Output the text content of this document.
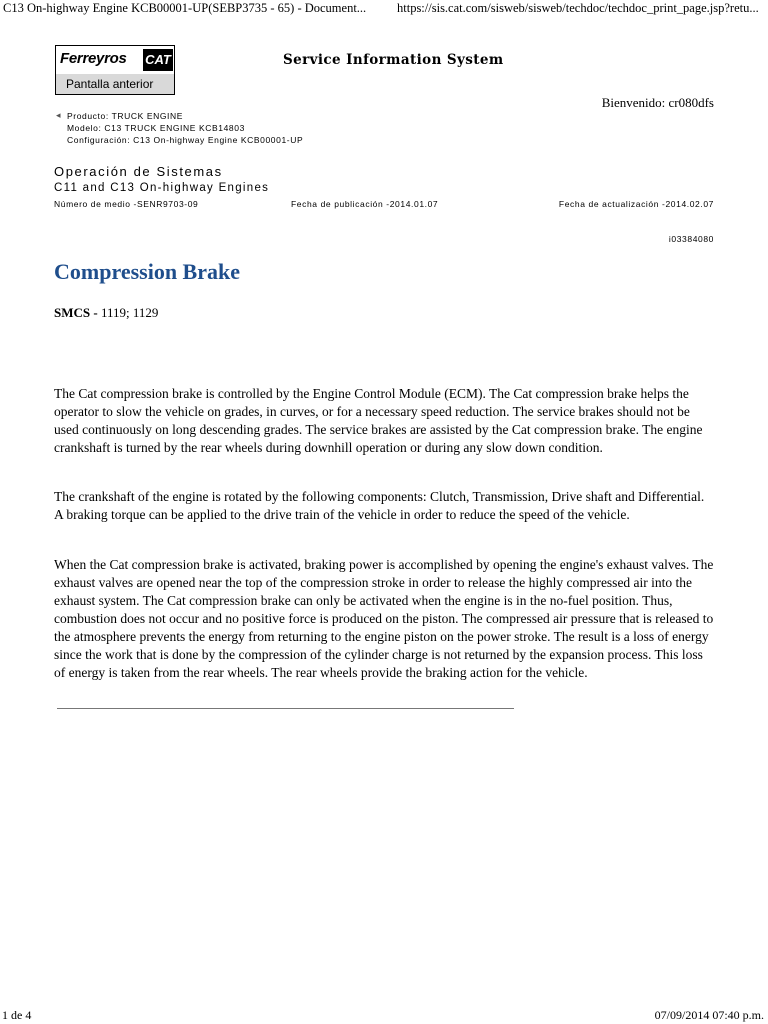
C13 On-highway Engine KCB00001-UP(SEBP3735 - 65) - Document... https://sis.cat.com/sisweb/sisweb/techdoc/techdoc_print_page.jsp?retu...
Ferreyros CAT
Pantalla anterior
Service Information System
Bienvenido: cr080dfs
◂ Producto: TRUCK ENGINE
Modelo: C13 TRUCK ENGINE KCB14803
Configuración: C13 On-highway Engine KCB00001-UP
Operación de Sistemas
C11 and C13 On-highway Engines
Número de medio -SENR9703-09	Fecha de publicación -2014.01.07	Fecha de actualización -2014.02.07
i03384080
Compression Brake
SMCS - 1119; 1129
The Cat compression brake is controlled by the Engine Control Module (ECM). The Cat compression brake helps the operator to slow the vehicle on grades, in curves, or for a necessary speed reduction. The service brakes should not be used continuously on long descending grades. The service brakes are assisted by the Cat compression brake. The engine crankshaft is turned by the rear wheels during downhill operation or during any slow down condition.
The crankshaft of the engine is rotated by the following components: Clutch, Transmission, Drive shaft and Differential. A braking torque can be applied to the drive train of the vehicle in order to reduce the speed of the vehicle.
When the Cat compression brake is activated, braking power is accomplished by opening the engine's exhaust valves. The exhaust valves are opened near the top of the compression stroke in order to release the highly compressed air into the exhaust system. The Cat compression brake can only be activated when the engine is in the no-fuel position. Thus, combustion does not occur and no positive force is produced on the piston. The compressed air pressure that is released to the atmosphere prevents the energy from returning to the engine piston on the power stroke. The result is a loss of energy since the work that is done by the compression of the cylinder charge is not returned by the expansion process. This loss of energy is taken from the rear wheels. The rear wheels provide the braking action for the vehicle.
1 de 4	07/09/2014 07:40 p.m.
